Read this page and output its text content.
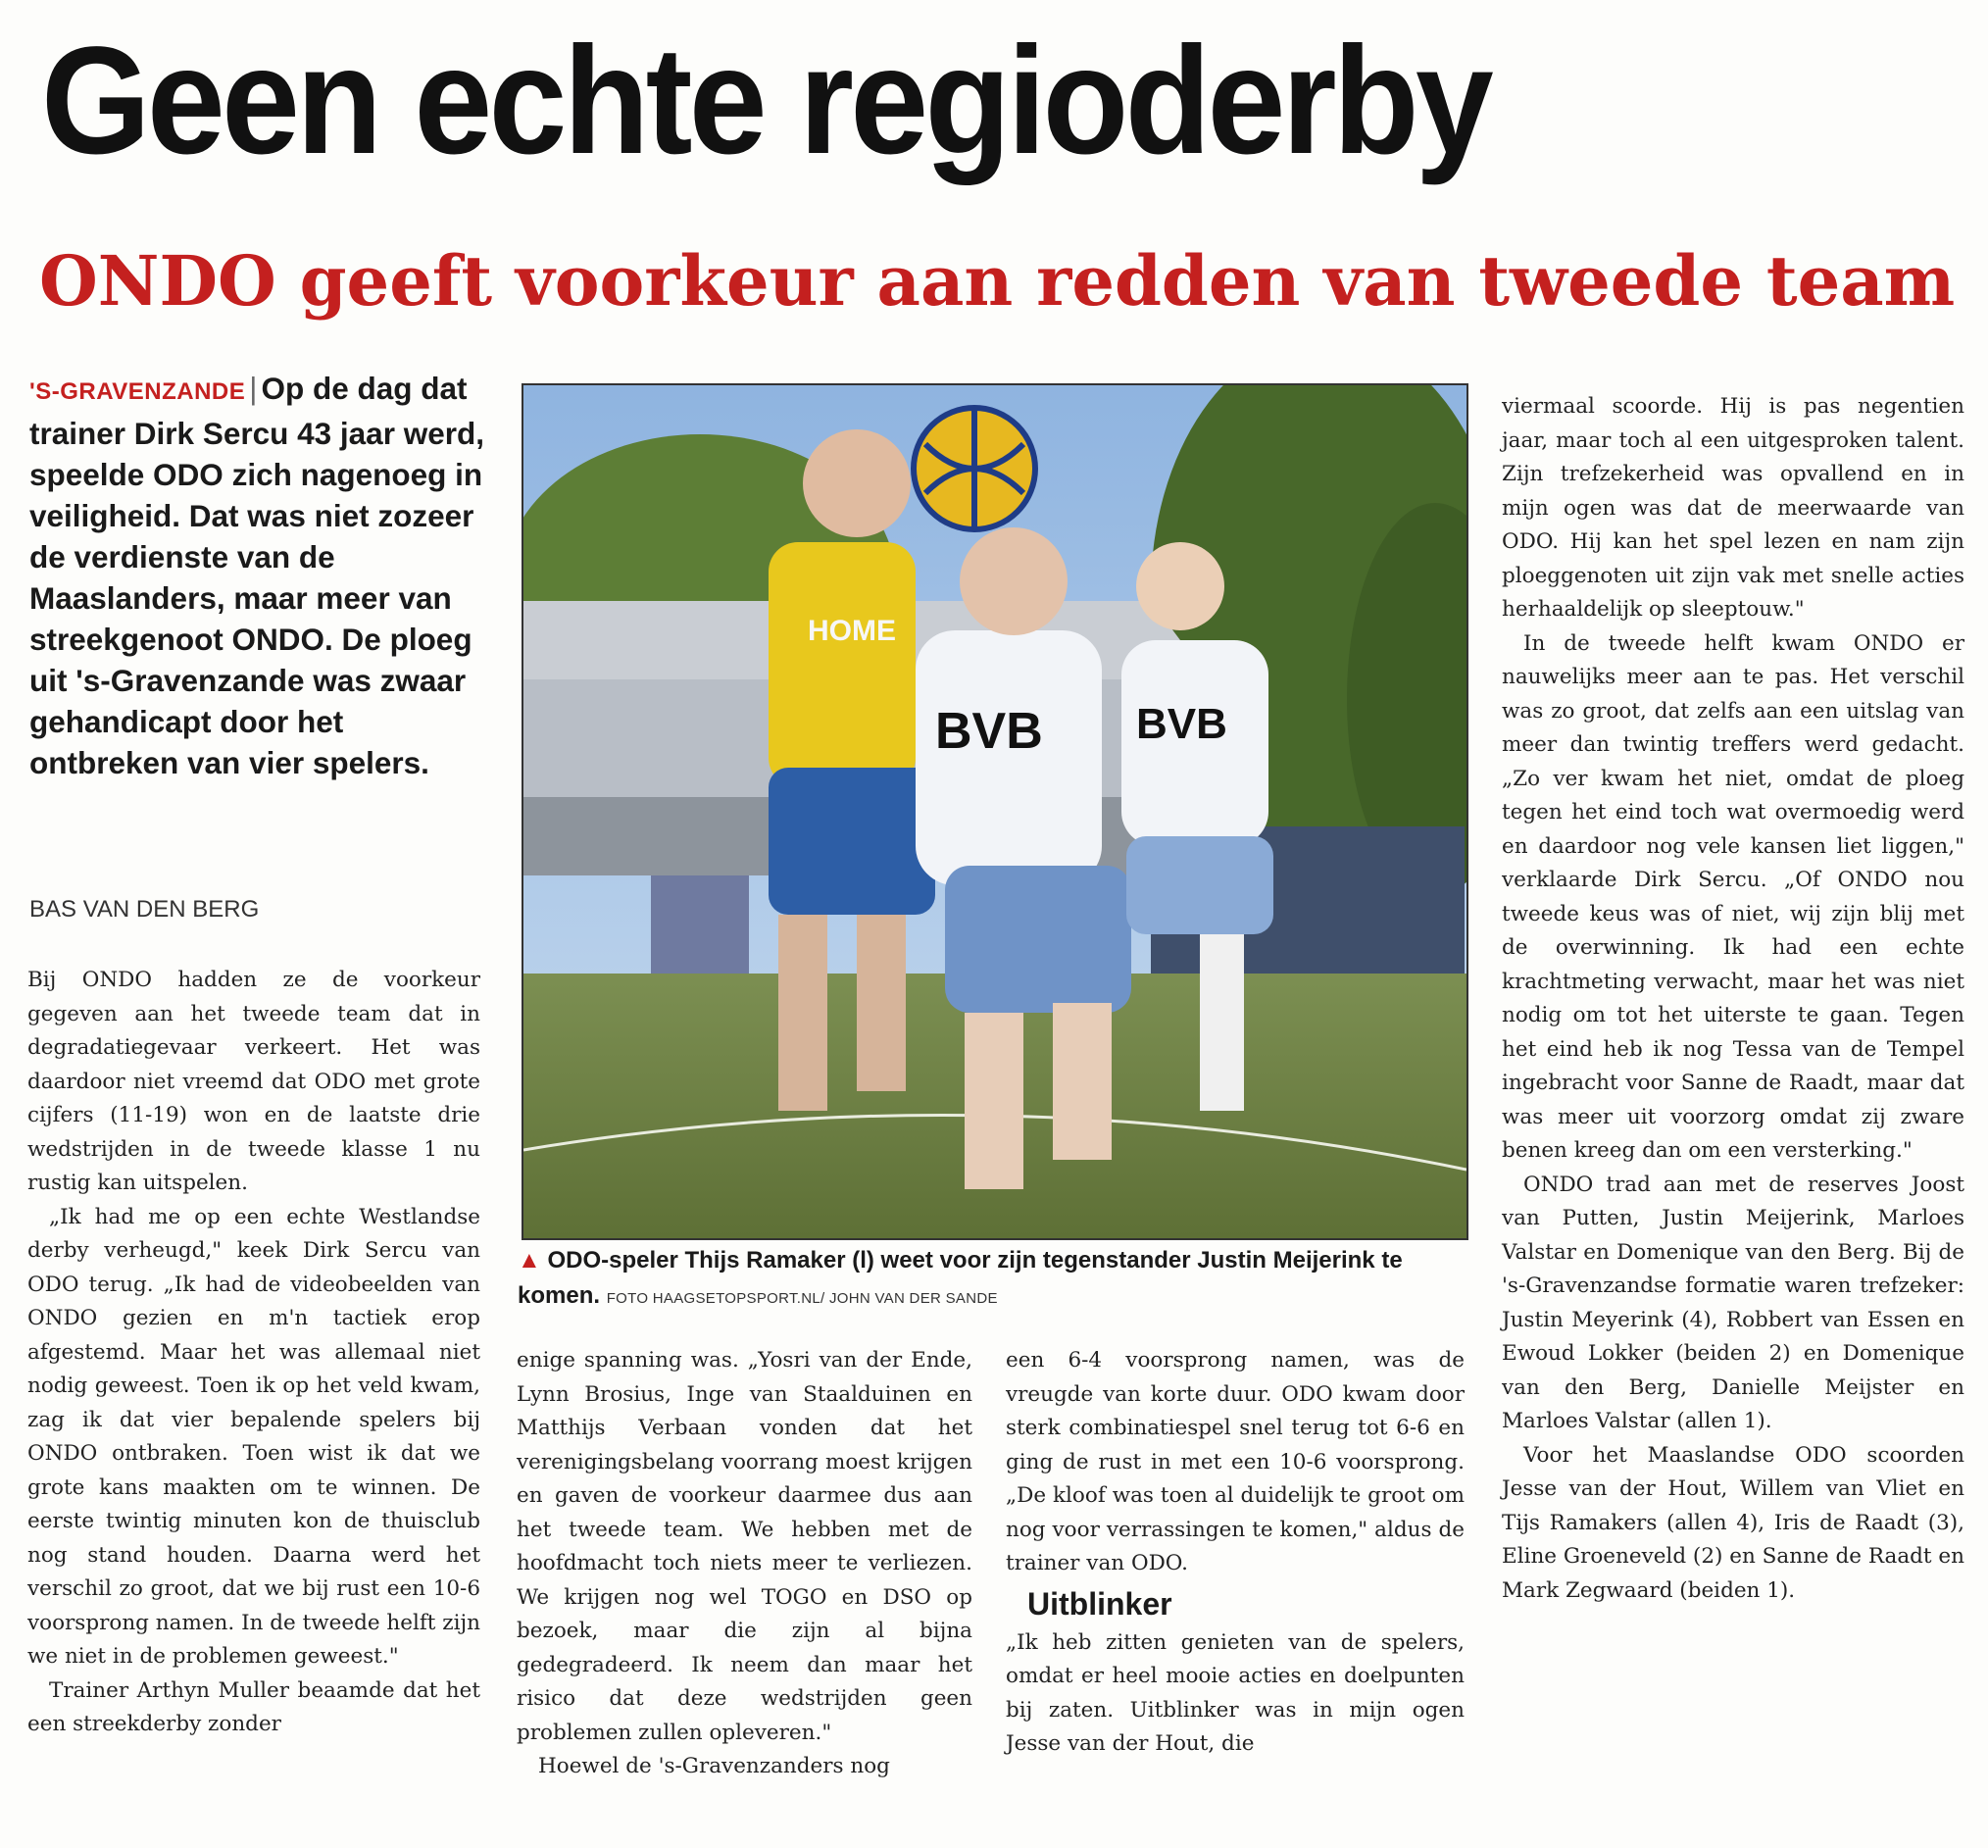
Geen echte regioderby
ONDO geeft voorkeur aan redden van tweede team
'S-GRAVENZANDE | Op de dag dat trainer Dirk Sercu 43 jaar werd, speelde ODO zich nagenoeg in veiligheid. Dat was niet zozeer de verdienste van de Maaslanders, maar meer van streekgenoot ONDO. De ploeg uit 's-Gravenzande was zwaar gehandicapt door het ontbreken van vier spelers.
BAS VAN DEN BERG

Bij ONDO hadden ze de voorkeur gegeven aan het tweede team dat in degradatiegevaar verkeert. Het was daardoor niet vreemd dat ODO met grote cijfers (11-19) won en de laatste drie wedstrijden in de tweede klasse 1 nu rustig kan uitspelen.

„Ik had me op een echte Westlandse derby verheugd," keek Dirk Sercu van ODO terug. „Ik had de videobeelden van ONDO gezien en m'n tactiek erop afgestemd. Maar het was allemaal niet nodig geweest. Toen ik op het veld kwam, zag ik dat vier bepalende spelers bij ONDO ontbraken. Toen wist ik dat we grote kans maakten om te winnen. De eerste twintig minuten kon de thuisclub nog stand houden. Daarna werd het verschil zo groot, dat we bij rust een 10-6 voorsprong namen. In de tweede helft zijn we niet in de problemen geweest."

Trainer Arthyn Muller beaamde dat het een streekderby zonder

HOME
BVB BVB
▲ ODO-speler Thijs Ramaker (l) weet voor zijn tegenstander Justin Meijerink te komen. FOTO HAAGSETOPSPORT.NL/ JOHN VAN DER SANDE

enige spanning was. „Yosri van der Ende, Lynn Brosius, Inge van Staalduinen en Matthijs Verbaan vonden dat het verenigingsbelang voorrang moest krijgen en gaven de voorkeur daarmee dus aan het tweede team. We hebben met de hoofdmacht toch niets meer te verliezen. We krijgen nog wel TOGO en DSO op bezoek, maar die zijn al bijna gedegradeerd. Ik neem dan maar het risico dat deze wedstrijden geen problemen zullen opleveren."

Hoewel de 's-Gravenzanders nog

een 6-4 voorsprong namen, was de vreugde van korte duur. ODO kwam door sterk combinatiespel snel terug tot 6-6 en ging de rust in met een 10-6 voorsprong. „De kloof was toen al duidelijk te groot om nog voor verrassingen te komen," aldus de trainer van ODO.

Uitblinker

„Ik heb zitten genieten van de spelers, omdat er heel mooie acties en doelpunten bij zaten. Uitblinker was in mijn ogen Jesse van der Hout, die

viermaal scoorde. Hij is pas negentien jaar, maar toch al een uitgesproken talent. Zijn trefzekerheid was opvallend en in mijn ogen was dat de meerwaarde van ODO. Hij kan het spel lezen en nam zijn ploeggenoten uit zijn vak met snelle acties herhaaldelijk op sleeptouw."

In de tweede helft kwam ONDO er nauwelijks meer aan te pas. Het verschil was zo groot, dat zelfs aan een uitslag van meer dan twintig treffers werd gedacht. „Zo ver kwam het niet, omdat de ploeg tegen het eind toch wat overmoedig werd en daardoor nog vele kansen liet liggen," verklaarde Dirk Sercu. „Of ONDO nou tweede keus was of niet, wij zijn blij met de overwinning. Ik had een echte krachtmeting verwacht, maar het was niet nodig om tot het uiterste te gaan. Tegen het eind heb ik nog Tessa van de Tempel ingebracht voor Sanne de Raadt, maar dat was meer uit voorzorg omdat zij zware benen kreeg dan om een versterking."

ONDO trad aan met de reserves Joost van Putten, Justin Meijerink, Marloes Valstar en Domenique van den Berg. Bij de 's-Gravenzandse formatie waren trefzeker: Justin Meyerink (4), Robbert van Essen en Ewoud Lokker (beiden 2) en Domenique van den Berg, Danielle Meijster en Marloes Valstar (allen 1).

Voor het Maaslandse ODO scoorden Jesse van der Hout, Willem van Vliet en Tijs Ramakers (allen 4), Iris de Raadt (3), Eline Groeneveld (2) en Sanne de Raadt en Mark Zegwaard (beiden 1).
